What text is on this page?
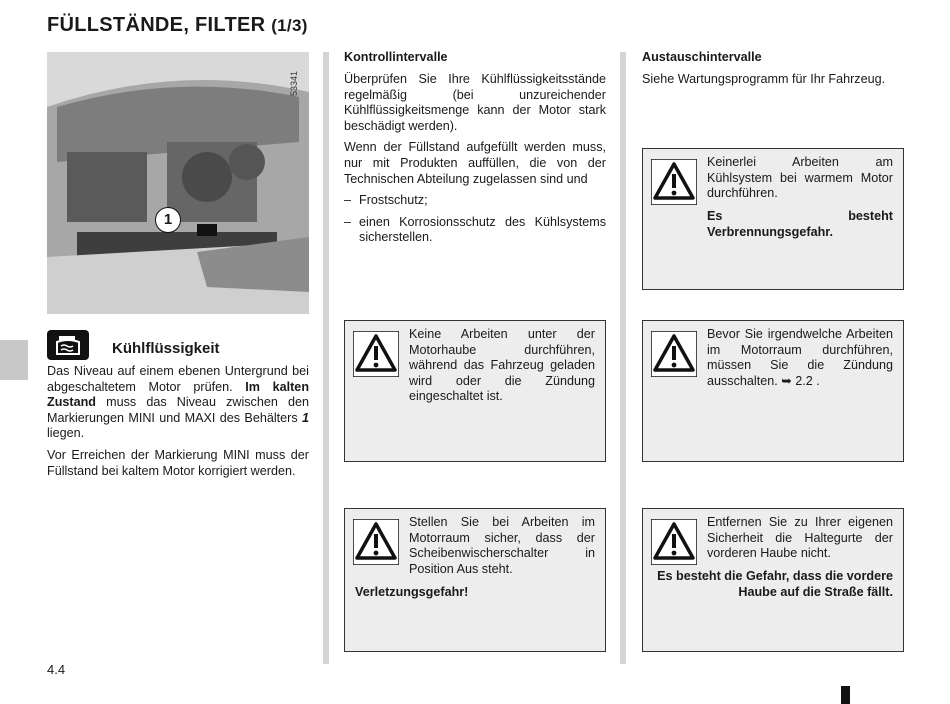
FÜLLSTÄNDE, FILTER (1/3)
53341
1
Kühlflüssigkeit

Das Niveau auf einem ebenen Untergrund bei abgeschaltetem Motor prüfen. Im kalten Zustand muss das Niveau zwischen den Markierungen MINI und MAXI des Behälters 1 liegen.

Vor Erreichen der Markierung MINI muss der Füllstand bei kaltem Motor korrigiert werden.

Kontrollintervalle

Überprüfen Sie Ihre Kühlflüssigkeitsstände regelmäßig (bei unzureichender Kühlflüssigkeitsmenge kann der Motor stark beschädigt werden).

Wenn der Füllstand aufgefüllt werden muss, nur mit Produkten auffüllen, die von der Technischen Abteilung zugelassen sind und

– Frostschutz;
– einen Korrosionsschutz des Kühlsystems sicherstellen.
Austauschintervalle

Siehe Wartungsprogramm für Ihr Fahrzeug.

Keine Arbeiten unter der Motorhaube durchführen, während das Fahrzeug geladen wird oder die Zündung eingeschaltet ist.
Stellen Sie bei Arbeiten im Motorraum sicher, dass der Scheibenwischerschalter in Position Aus steht.
Verletzungsgefahr!
Keinerlei Arbeiten am Kühlsystem bei warmem Motor durchführen.
Es besteht Verbrennungsgefahr.
Bevor Sie irgendwelche Arbeiten im Motorraum durchführen, müssen Sie die Zündung ausschalten. ➥ 2.2 .
Entfernen Sie zu Ihrer eigenen Sicherheit die Haltegurte der vorderen Haube nicht.
Es besteht die Gefahr, dass die vordere Haube auf die Straße fällt.
4.4
